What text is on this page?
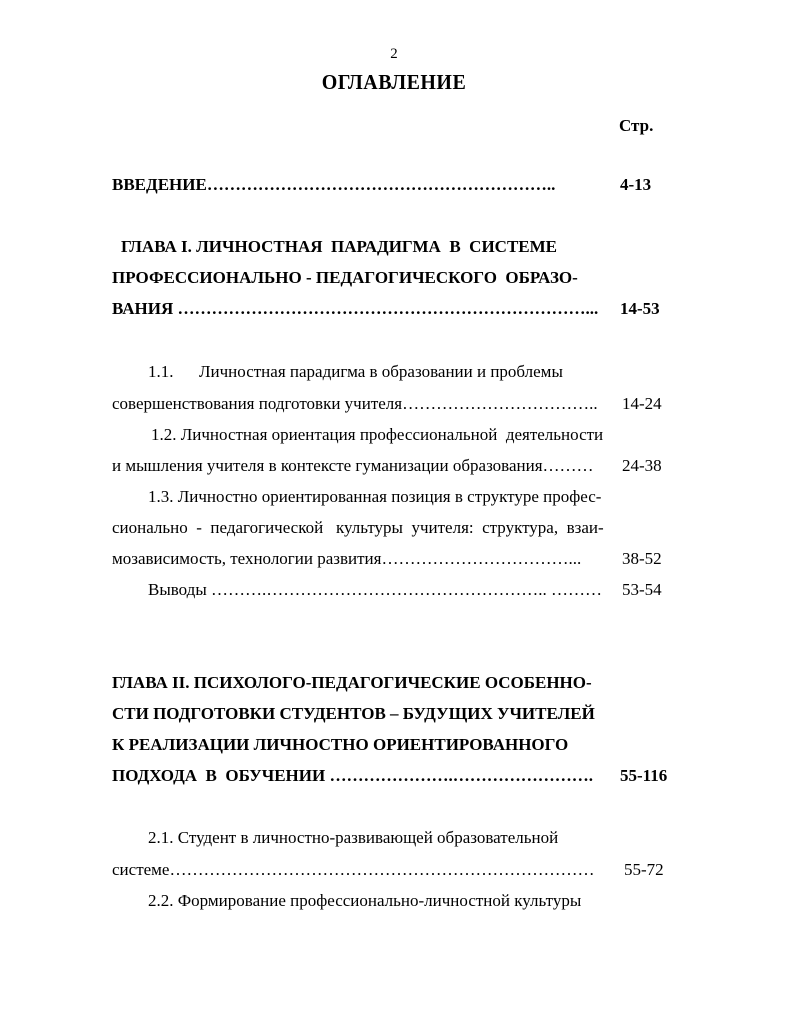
2
ОГЛАВЛЕНИЕ
Стр.
ВВЕДЕНИЕ……………………………………………………..	4-13
ГЛАВА I. ЛИЧНОСТНАЯ  ПАРАДИГМА  В  СИСТЕМЕ
ПРОФЕССИОНАЛЬНО - ПЕДАГОГИЧЕСКОГО  ОБРАЗО-
ВАНИЯ ………………………………………………………………... 14-53
1.1.      Личностная парадигма в образовании и проблемы
совершенствования подготовки учителя…………………………….. 14-24
1.2. Личностная ориентация профессиональной  деятельности
и мышления учителя в контексте гуманизации образования……… 24-38
1.3. Личностно ориентированная позиция в структуре профес-
сионально  -  педагогической   культуры  учителя:  структура,  взаи-
мозависимость, технологии развития……………………………... 38-52
Выводы ……….………………………………………….. ……… 53-54
ГЛАВА II. ПСИХОЛОГО-ПЕДАГОГИЧЕСКИЕ ОСОБЕННО-
СТИ ПОДГОТОВКИ СТУДЕНТОВ – БУДУЩИХ УЧИТЕЛЕЙ
К РЕАЛИЗАЦИИ ЛИЧНОСТНО ОРИЕНТИРОВАННОГО
ПОДХОДА  В  ОБУЧЕНИИ ………………….……………………. 55-116
2.1. Студент в личностно-развивающей образовательной
системе………………………………………………………………… 55-72
2.2. Формирование профессионально-личностной культуры
